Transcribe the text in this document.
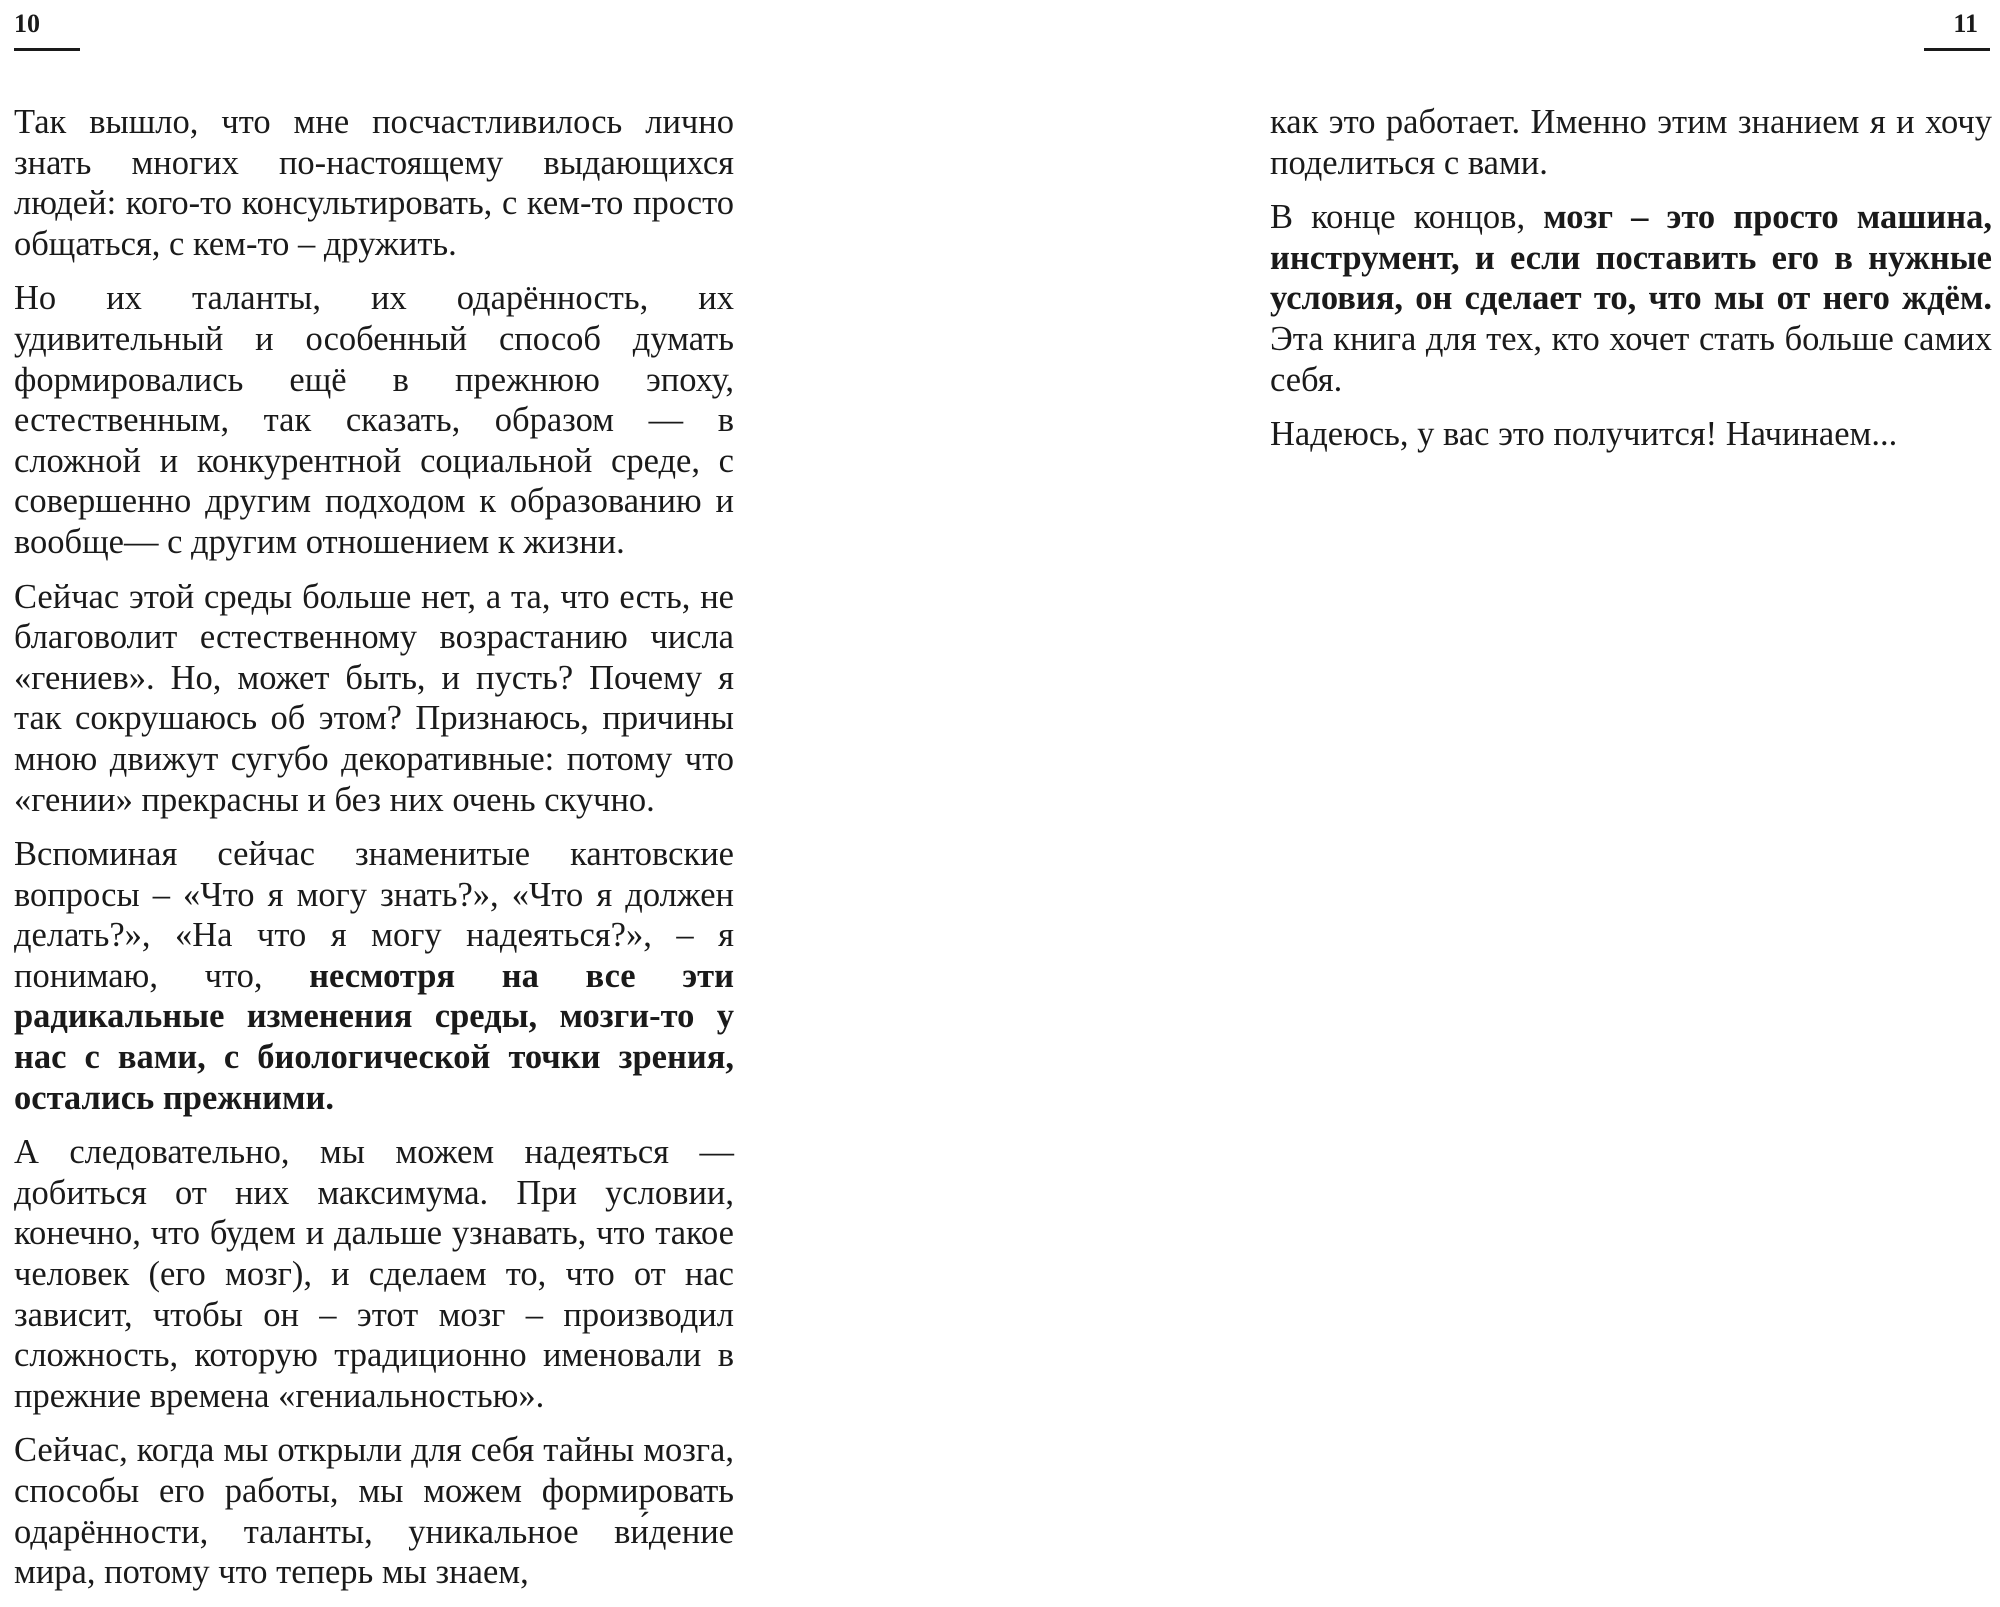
10	11

Так вышло, что мне посчастливилось лично знать многих по-настоящему выдающихся людей: кого-то консультировать, с кем-то просто общаться, с кем-то – дружить.

Но их таланты, их одарённость, их удивительный и особенный способ думать формировались ещё в прежнюю эпоху, естественным, так сказать, образом — в сложной и конкурентной социальной среде, с совершенно другим подходом к образованию и вообще— с другим отношением к жизни.

Сейчас этой среды больше нет, а та, что есть, не благоволит естественному возрастанию числа «гениев». Но, может быть, и пусть? Почему я так сокрушаюсь об этом? Признаюсь, причины мною движут сугубо декоративные: потому что «гении» прекрасны и без них очень скучно.

Вспоминая сейчас знаменитые кантовские вопросы – «Что я могу знать?», «Что я должен делать?», «На что я могу надеяться?», – я понимаю, что, несмотря на все эти радикальные изменения среды, мозги-то у нас с вами, с биологической точки зрения, остались прежними.

А следовательно, мы можем надеяться — добиться от них максимума. При условии, конечно, что будем и дальше узнавать, что такое человек (его мозг), и сделаем то, что от нас зависит, чтобы он – этот мозг – производил сложность, которую традиционно именовали в прежние времена «гениальностью».

Сейчас, когда мы открыли для себя тайны мозга, способы его работы, мы можем формировать одарённости, таланты, уникальное ви́дение мира, потому что теперь мы знаем,

как это работает. Именно этим знанием я и хочу поделиться с вами.

В конце концов, мозг – это просто машина, инструмент, и если поставить его в нужные условия, он сделает то, что мы от него ждём. Эта книга для тех, кто хочет стать больше самих себя.

Надеюсь, у вас это получится! Начинаем...
